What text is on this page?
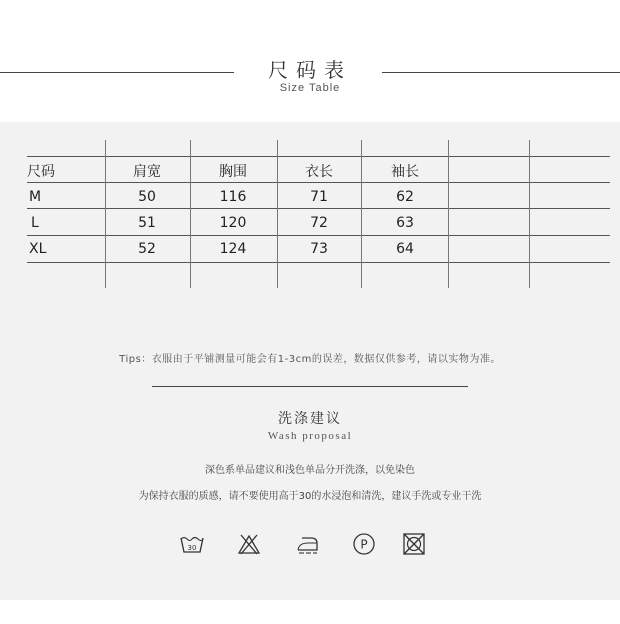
尺码表
Size Table
尺码	肩宽	胸围	衣长	袖长
M	50	116	71	62
L	51	120	72	63
XL	52	124	73	64
Tips：衣服由于平铺测量可能会有1-3cm的误差，数据仅供参考，请以实物为准。
洗涤建议
Wash proposal
深色系单品建议和浅色单品分开洗涤，以免染色
为保持衣服的质感，请不要使用高于30的水浸泡和清洗，建议手洗或专业干洗
30	P
